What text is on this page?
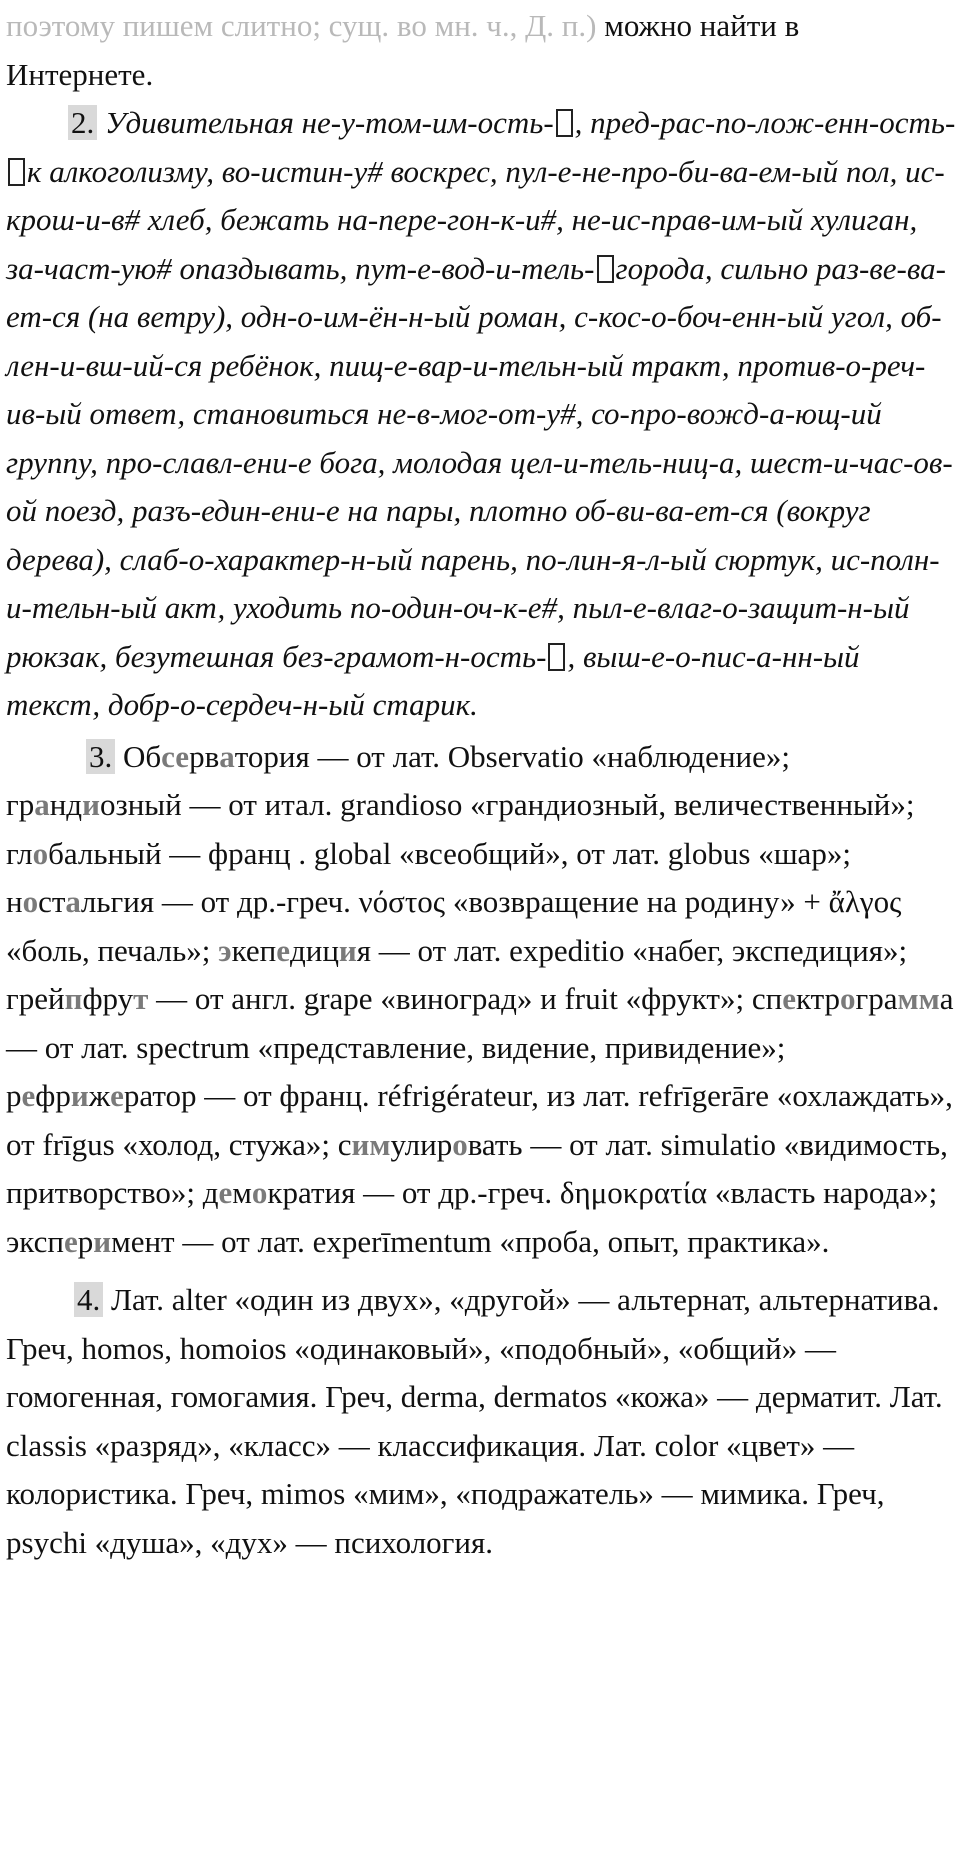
поэтому пишем слитно; сущ. во мн. ч., Д. п.) можно найти в
Интернете.

2. Удивительная не-у-том-им-ость- , пред-рас-по-лож-енн-ость-к алкоголизму, во-истин-у# воскрес, пул-е-не-про-би-ва-ем-ый пол, ис-крош-и-в# хлеб, бежать на-пере-гон-к-и#, не-ис-прав-им-ый хулиган, за-част-ую# опаздывать, пут-е-вод-и-тель- города, сильно раз-ве-ва-ет-ся (на ветру), одн-о-им-ён-н-ый роман, с-кос-о-боч-енн-ый угол, об-лен-и-вш-ий-ся ребёнок, пищ-е-вар-и-тельн-ый тракт, против-о-реч-ив-ый ответ, становиться не-в-мог-от-у#, со-про-вожд-а-ющ-ий группу, про-славл-ени-е бога, молодая цел-и-тель-ниц-а, шест-и-час-ов-ой поезд, разъ-един-ени-е на пары, плотно об-ви-ва-ет-ся (вокруг дерева), слаб-о-характер-н-ый парень, по-лин-я-л-ый сюртук, ис-полн-и-тельн-ый акт, уходить по-один-оч-к-е#, пыл-е-влаг-о-защит-н-ый рюкзак, безутешная без-грамот-н-ость- , выш-е-о-пис-а-нн-ый текст, добр-о-сердеч-н-ый старик.

3. Обсерватория — от лат. Observatio «наблюдение»; грандиозный — от итал. grandioso «грандиозный, величественный»; глобальный — франц . global «всеобщий», от лат. globus «шар»; ностальгия — от др.-греч. νόστος «возвращение на родину» + ἄλγος «боль, печаль»; экепедиция — от лат. expeditio «набег, экспедиция»; грейпфрут — от англ. grape «виноград» и fruit «фрукт»; спектрограмма — от лат. spectrum «представление, видение, привидение»; рефрижератор — от франц. réfrigérateur, из лат. refrīgerāre «охлаждать», от frīgus «холод, стужа»; симулировать — от лат. simulatio «видимость, притворство»; демократия — от др.-греч. δημοκρατία «власть народа»; эксперимент — от лат. experīmentum «проба, опыт, практика».

4. Лат. alter «один из двух», «другой» — альтернат, альтернатива. Греч, homos, homoios «одинаковый», «подобный», «общий» — гомогенная, гомогамия. Греч, derma, dermatos «кожа» — дерматит. Лат. classis «разряд», «класс» — классификация. Лат. color «цвет» — колористика. Греч, mimos «мим», «подражатель» — мимика. Греч, psychi «душа», «дух» — психология.
